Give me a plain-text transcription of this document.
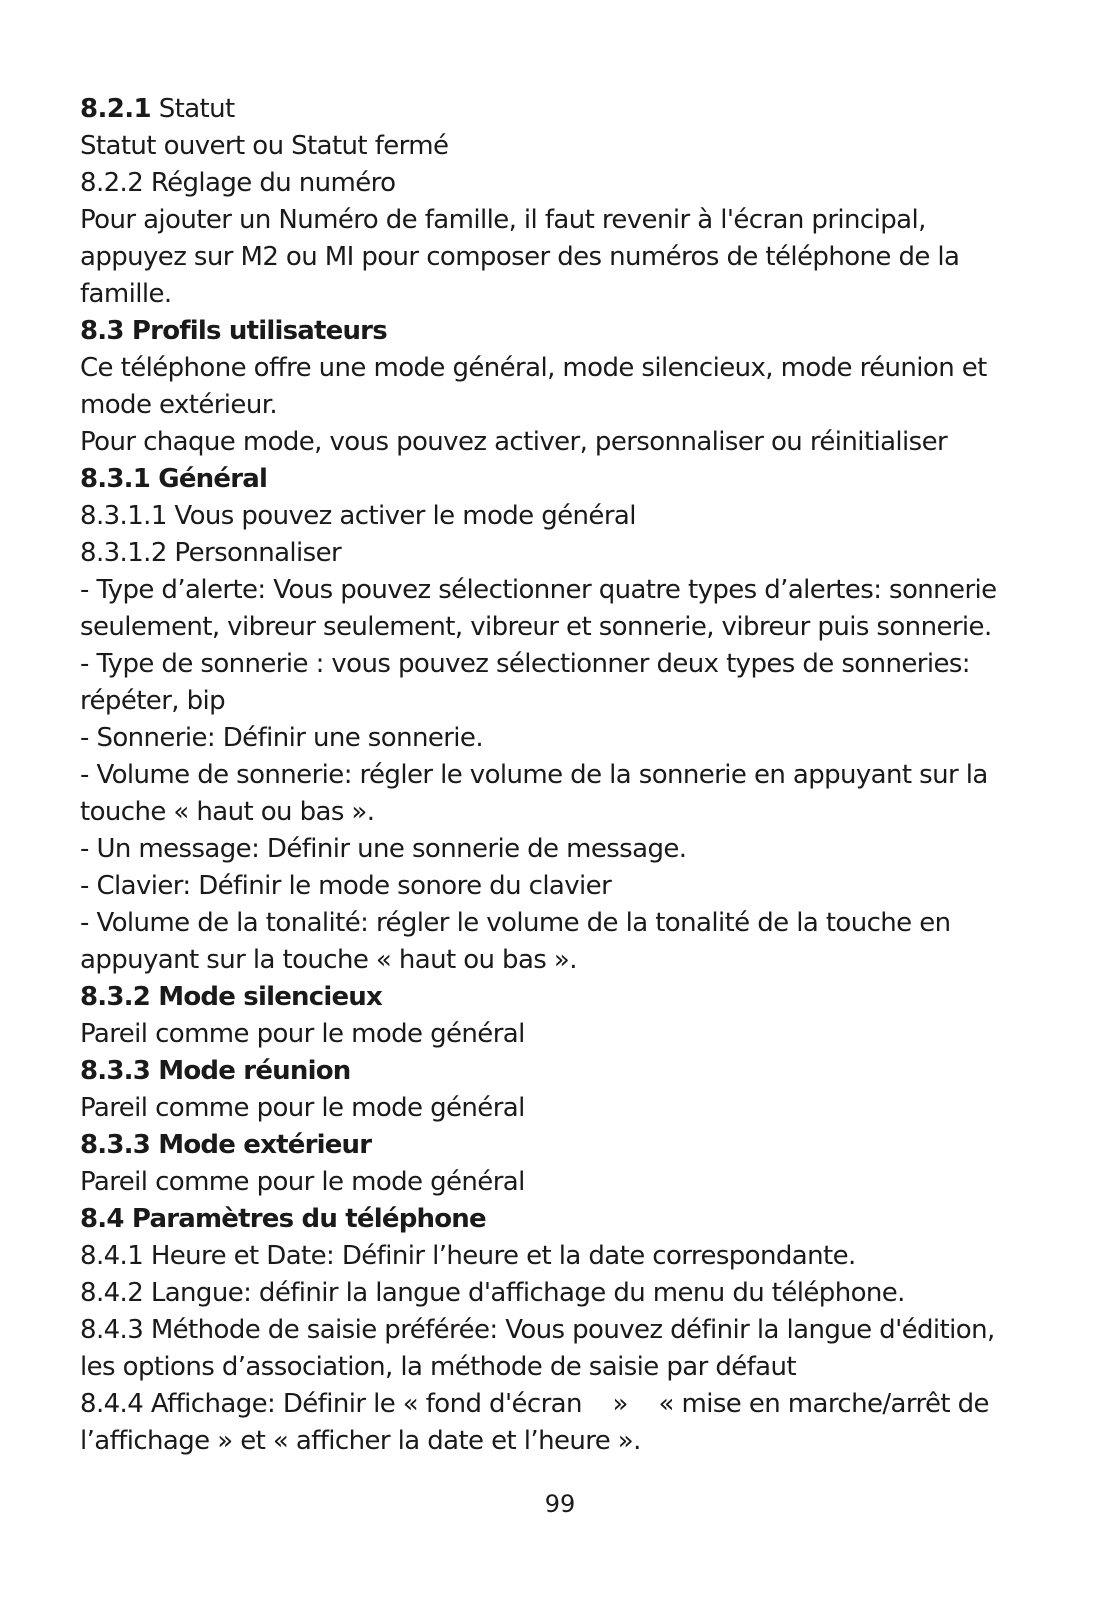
8.2.1 Statut
Statut ouvert ou Statut fermé
8.2.2 Réglage du numéro
Pour ajouter un Numéro de famille, il faut revenir à l'écran principal,
appuyez sur M2 ou MI pour composer des numéros de téléphone de la
famille.
8.3 Profils utilisateurs
Ce téléphone offre une mode général, mode silencieux, mode réunion et
mode extérieur.
Pour chaque mode, vous pouvez activer, personnaliser ou réinitialiser
8.3.1 Général
8.3.1.1 Vous pouvez activer le mode général
8.3.1.2 Personnaliser
- Type d’alerte: Vous pouvez sélectionner quatre types d’alertes: sonnerie
seulement, vibreur seulement, vibreur et sonnerie, vibreur puis sonnerie.
- Type de sonnerie : vous pouvez sélectionner deux types de sonneries:
répéter, bip
- Sonnerie: Définir une sonnerie.
- Volume de sonnerie: régler le volume de la sonnerie en appuyant sur la
touche « haut ou bas ».
- Un message: Définir une sonnerie de message.
- Clavier: Définir le mode sonore du clavier
- Volume de la tonalité: régler le volume de la tonalité de la touche en
appuyant sur la touche « haut ou bas ».
8.3.2 Mode silencieux
Pareil comme pour le mode général
8.3.3 Mode réunion
Pareil comme pour le mode général
8.3.3 Mode extérieur
Pareil comme pour le mode général
8.4 Paramètres du téléphone
8.4.1 Heure et Date: Définir l’heure et la date correspondante.
8.4.2 Langue: définir la langue d'affichage du menu du téléphone.
8.4.3 Méthode de saisie préférée: Vous pouvez définir la langue d'édition,
les options d’association, la méthode de saisie par défaut
8.4.4 Affichage: Définir le « fond d'écran    »    « mise en marche/arrêt de
l’affichage » et « afficher la date et l’heure ».
99
